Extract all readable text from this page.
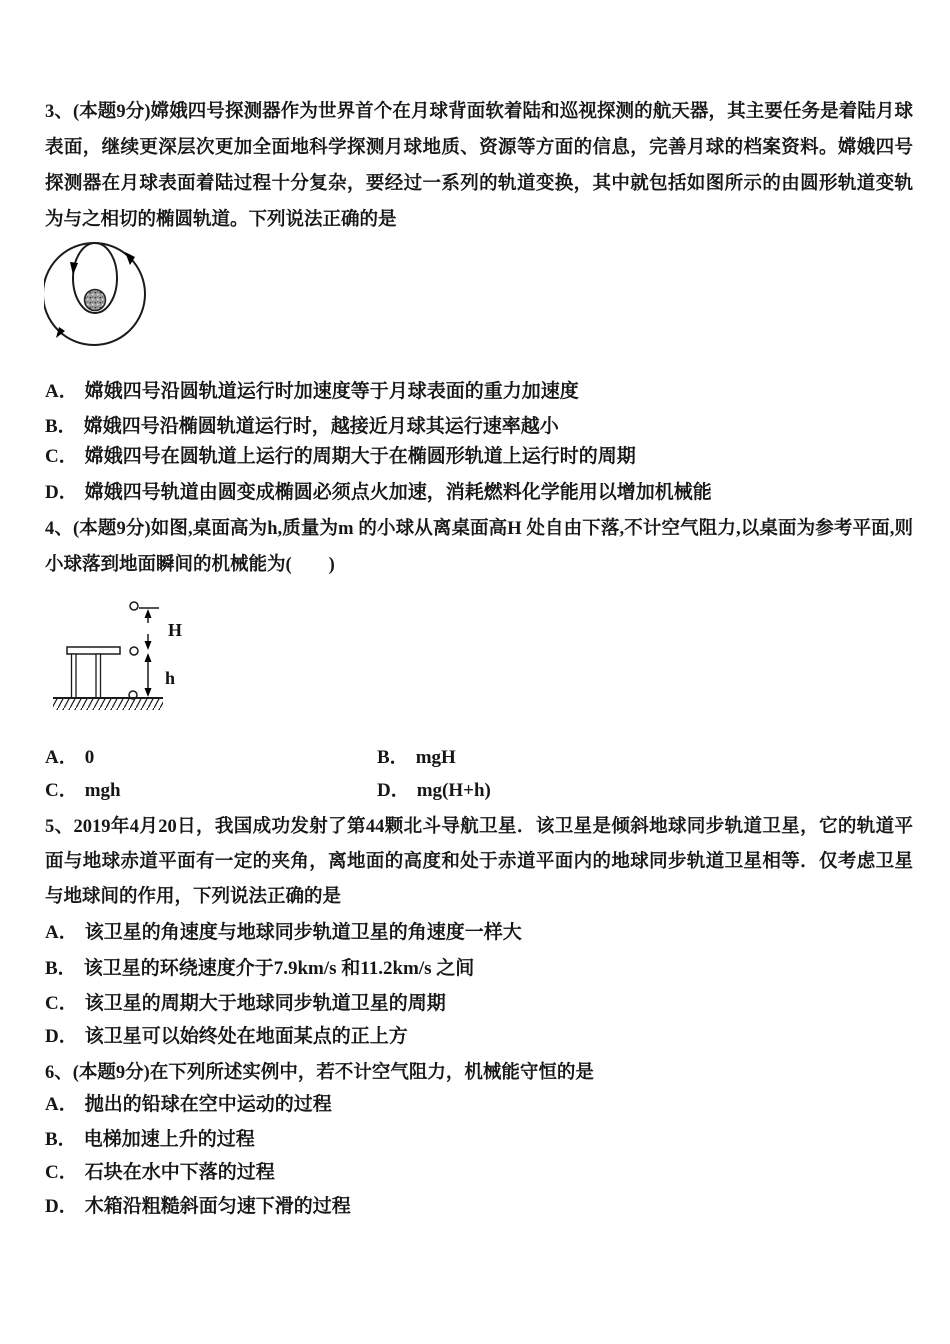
3、(本题9分)嫦娥四号探测器作为世界首个在月球背面软着陆和巡视探测的航天器，其主要任务是着陆月球表面，继续更深层次更加全面地科学探测月球地质、资源等方面的信息，完善月球的档案资料。嫦娥四号探测器在月球表面着陆过程十分复杂，要经过一系列的轨道变换，其中就包括如图所示的由圆形轨道变轨为与之相切的椭圆轨道。下列说法正确的是
A． 嫦娥四号沿圆轨道运行时加速度等于月球表面的重力加速度
B． 嫦娥四号沿椭圆轨道运行时，越接近月球其运行速率越小
C． 嫦娥四号在圆轨道上运行的周期大于在椭圆形轨道上运行时的周期
D． 嫦娥四号轨道由圆变成椭圆必须点火加速，消耗燃料化学能用以增加机械能
4、(本题9分)如图,桌面高为h,质量为m 的小球从离桌面高H 处自由下落,不计空气阻力,以桌面为参考平面,则小球落到地面瞬间的机械能为(　　)
H
h
A． 0	B． mgH
C． mgh	D． mg(H+h)
5、2019年4月20日，我国成功发射了第44颗北斗导航卫星．该卫星是倾斜地球同步轨道卫星，它的轨道平面与地球赤道平面有一定的夹角，离地面的高度和处于赤道平面内的地球同步轨道卫星相等．仅考虑卫星与地球间的作用，下列说法正确的是
A． 该卫星的角速度与地球同步轨道卫星的角速度一样大
B． 该卫星的环绕速度介于7.9km/s 和11.2km/s 之间
C． 该卫星的周期大于地球同步轨道卫星的周期
D． 该卫星可以始终处在地面某点的正上方
6、(本题9分)在下列所述实例中，若不计空气阻力，机械能守恒的是
A． 抛出的铅球在空中运动的过程
B． 电梯加速上升的过程
C． 石块在水中下落的过程
D． 木箱沿粗糙斜面匀速下滑的过程
